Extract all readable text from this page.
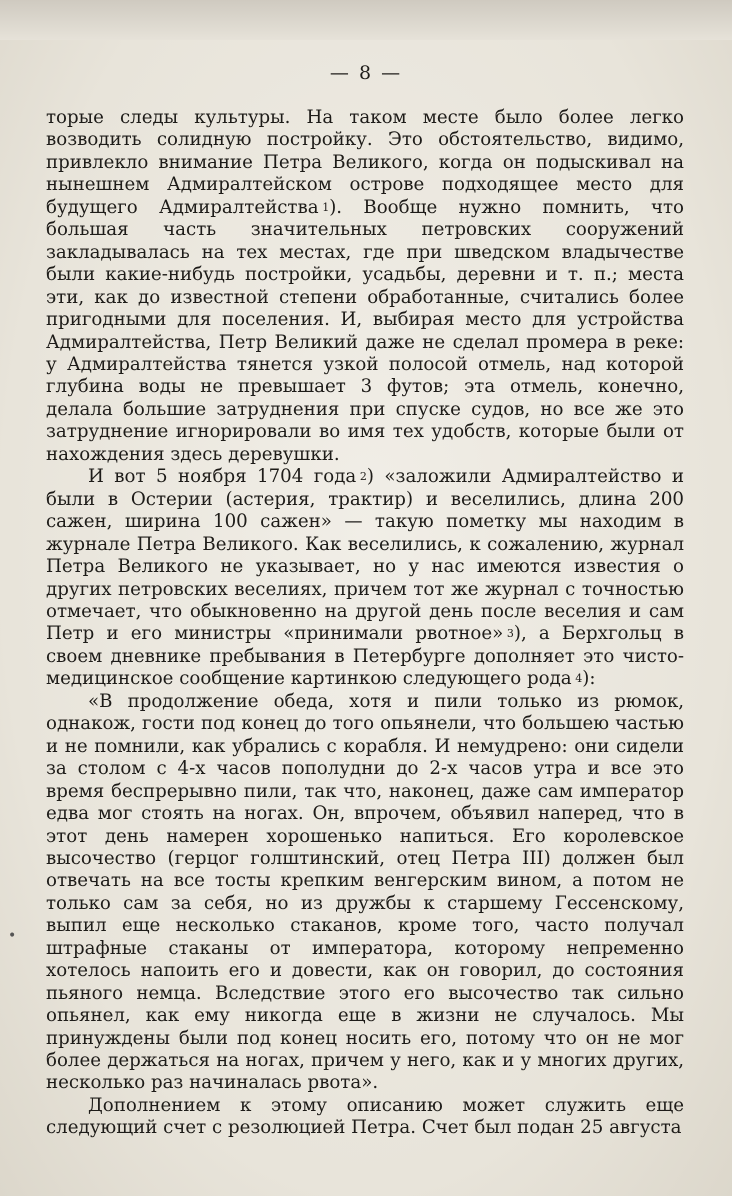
— 8 —
•

торые следы культуры. На таком месте было более легко возводить солидную постройку. Это обстоятельство, видимо, привлекло внимание Петра Великого, когда он подыскивал на нынешнем Адмиралтейском острове подходящее место для будущего Адмиралтейства  $^1$). Вообще нужно помнить, что большая часть значительных петровских сооружений закладывалась на тех местах, где при шведском владычестве были какие-нибудь постройки, усадьбы, деревни и т. п.; места эти, как до известной степени обработанные, считались более пригодными для поселения. И, выбирая место для устройства Адмиралтейства, Петр Великий даже не сделал промера в реке: у Адмиралтейства тянется узкой полосой отмель, над которой глубина воды не превышает 3 футов; эта отмель, конечно, делала большие затруднения при спуске судов, но все же это затруднение игнорировали во имя тех удобств, которые были от нахождения здесь деревушки.

И вот 5 ноября 1704 года  $^2$) «заложили Адмиралтейство и были в Остерии (астерия, трактир) и веселились, длина 200 сажен, ширина 100 сажен» — такую пометку мы находим в журнале Петра Великого. Как веселились, к сожалению, журнал Петра Великого не указывает, но у нас имеются известия о других петровских веселиях, причем тот же журнал с точностью отмечает, что обыкновенно на другой день после веселия и сам Петр и его министры «принимали рвотное»  $^3$), а Берхгольц в своем дневнике пребывания в Петербурге дополняет это чисто-медицинское сообщение картинкою следующего рода  $^4$):

«В продолжение обеда, хотя и пили только из рюмок, однакож, гости под конец до того опьянели, что большею частью и не помнили, как убрались с корабля. И немудрено: они сидели за столом с 4-х часов пополудни до 2-х часов утра и все это время беспрерывно пили, так что, наконец, даже сам император едва мог стоять на ногах. Он, впрочем, объявил наперед, что в этот день намерен хорошенько напиться. Его королевское высочество (герцог голштинский, отец Петра III) должен был отвечать на все тосты крепким венгерским вином, а потом не только сам за себя, но из дружбы к старшему Гессенскому, выпил еще несколько стаканов, кроме того, часто получал штрафные стаканы от императора, которому непременно хотелось напоить его и довести, как он говорил, до состояния пьяного немца. Вследствие этого его высочество так сильно опьянел, как ему никогда еще в жизни не случалось. Мы принуждены были под конец носить его, потому что он не мог более держаться на ногах, причем у него, как и у многих других, несколько раз начиналась рвота».

Дополнением к этому описанию может служить еще следующий счет с резолюцией Петра. Счет был подан 25 августа
